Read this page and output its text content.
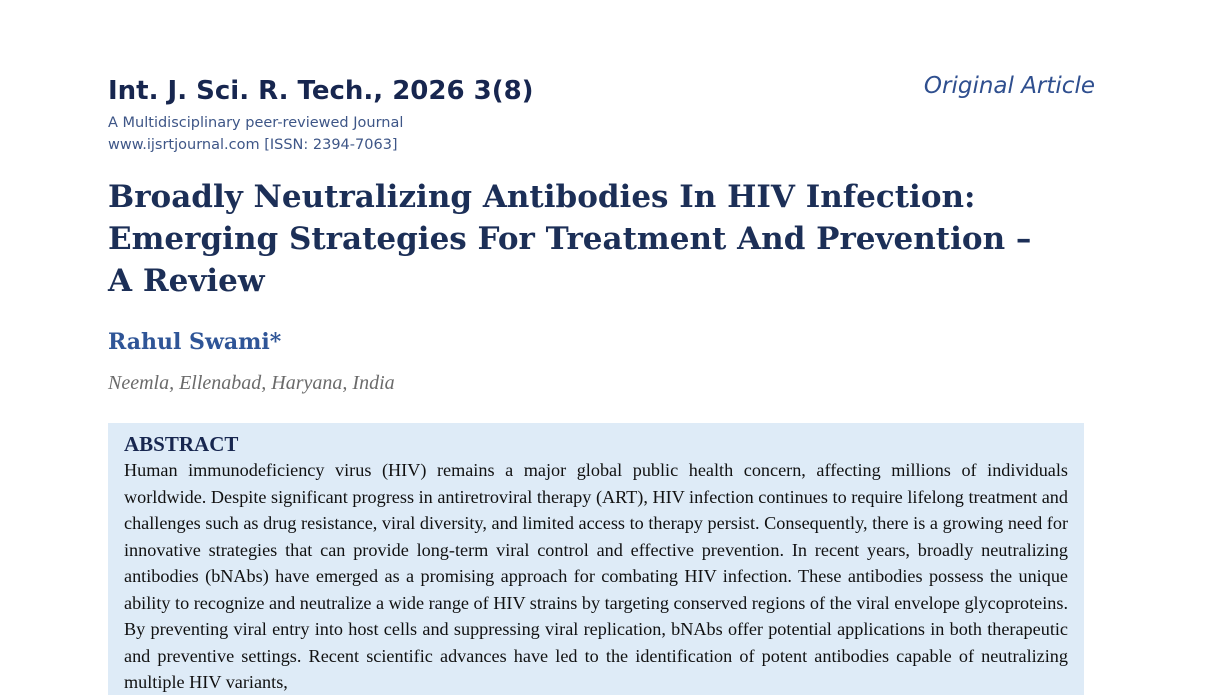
Int. J. Sci. R. Tech., 2026 3(8)	Original Article
A Multidisciplinary peer-reviewed Journal
www.ijsrtjournal.com [ISSN: 2394-7063]
Broadly Neutralizing Antibodies In HIV Infection: Emerging Strategies For Treatment And Prevention – A Review
Rahul Swami*
Neemla, Ellenabad, Haryana, India
ABSTRACT

Human immunodeficiency virus (HIV) remains a major global public health concern, affecting millions of individuals worldwide. Despite significant progress in antiretroviral therapy (ART), HIV infection continues to require lifelong treatment and challenges such as drug resistance, viral diversity, and limited access to therapy persist. Consequently, there is a growing need for innovative strategies that can provide long-term viral control and effective prevention. In recent years, broadly neutralizing antibodies (bNAbs) have emerged as a promising approach for combating HIV infection. These antibodies possess the unique ability to recognize and neutralize a wide range of HIV strains by targeting conserved regions of the viral envelope glycoproteins. By preventing viral entry into host cells and suppressing viral replication, bNAbs offer potential applications in both therapeutic and preventive settings. Recent scientific advances have led to the identification of potent antibodies capable of neutralizing multiple HIV variants,
